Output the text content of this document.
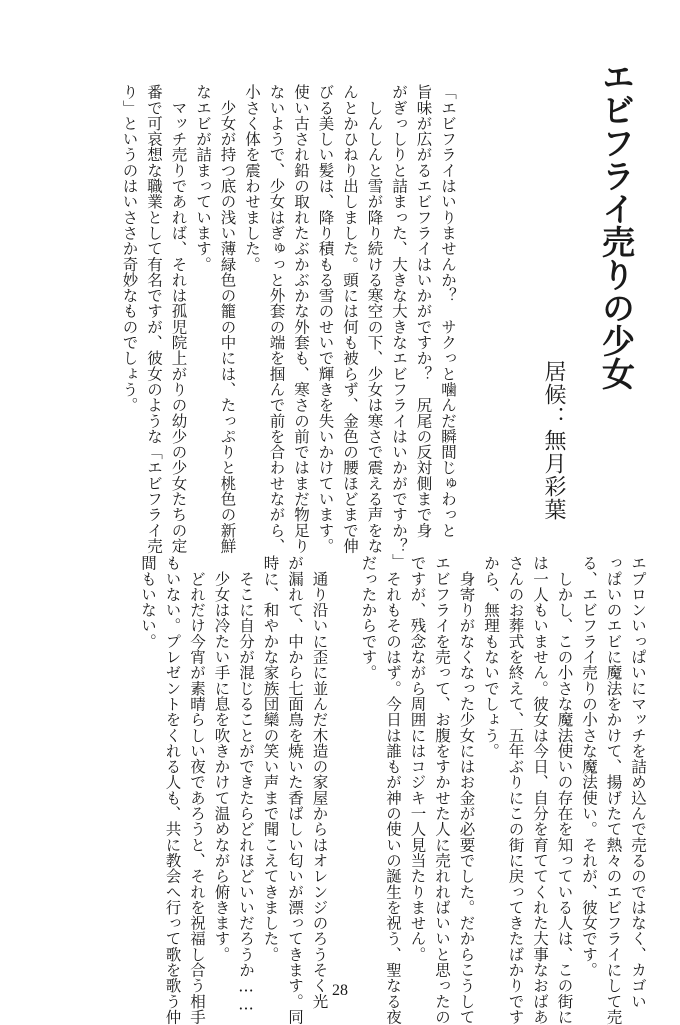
エビフライ売りの少女
居候：無月彩葉
「エビフライはいりませんか？　サクっと噛んだ瞬間じゅわっと
旨味が広がるエビフライはいかがですか？　尻尾の反対側まで身
がぎっしりと詰まった、大きな大きなエビフライはいかがですか？」
　しんしんと雪が降り続ける寒空の下、少女は寒さで震える声をな
んとかひねり出しました。頭には何も被らず、金色の腰ほどまで伸
びる美しい髪は、降り積もる雪のせいで輝きを失いかけています。
使い古され鉛の取れたぶかぶかな外套も、寒さの前ではまだ物足り
ないようで、少女はぎゅっと外套の端を掴んで前を合わせながら、
小さく体を震わせました。
　少女が持つ底の浅い薄緑色の籠の中には、たっぷりと桃色の新鮮
なエビが詰まっています。
　マッチ売りであれば、それは孤児院上がりの幼少の少女たちの定
番で可哀想な職業として有名ですが、彼女のような「エビフライ売
り」というのはいささか奇妙なものでしょう。
エプロンいっぱいにマッチを詰め込んで売るのではなく、カゴい
っぱいのエビに魔法をかけて、揚げたて熱々のエビフライにして売
る、エビフライ売りの小さな魔法使い。それが、彼女です。
　しかし、この小さな魔法使いの存在を知っている人は、この街に
は一人もいません。彼女は今日、自分を育ててくれた大事なおばあ
さんのお葬式を終えて、五年ぶりにこの街に戻ってきたばかりです
から、無理もないでしょう。
　身寄りがなくなった少女にはお金が必要でした。だからこうして
エビフライを売って、お腹をすかせた人に売れればいいと思ったの
ですが、残念ながら周囲にはコジキ一人見当たりません。
　それもそのはず。今日は誰もが神の使いの誕生を祝う、聖なる夜
だったからです。

　通り沿いに歪に並んだ木造の家屋からはオレンジのろうそく光
が漏れて、中から七面鳥を焼いた香ばしい匂いが漂ってきます。同
時に、和やかな家族団欒の笑い声まで聞こえてきました。
　そこに自分が混じることができたらどれほどいいだろうか……
　少女は冷たい手に息を吹きかけて温めながら俯きます。
　どれだけ今宵が素晴らしい夜であろうと、それを祝福し合う相手
もいない。プレゼントをくれる人も、共に教会へ行って歌を歌う仲
間もいない。
28
